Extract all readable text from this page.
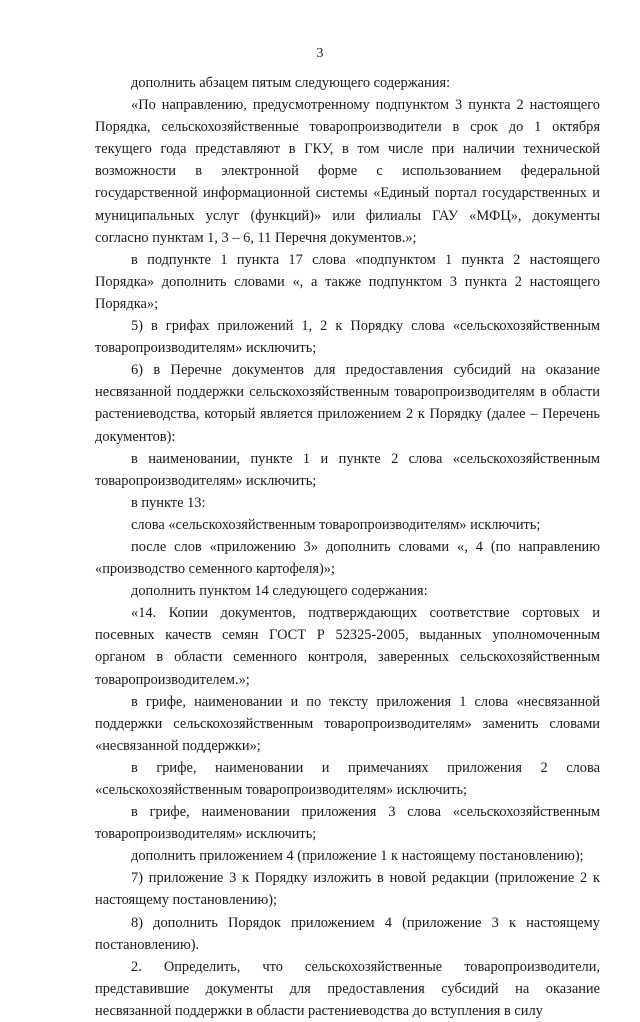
3

дополнить абзацем пятым следующего содержания:

«По направлению, предусмотренному подпунктом 3 пункта 2 настоящего Порядка, сельскохозяйственные товаропроизводители в срок до 1 октября текущего года представляют в ГКУ, в том числе при наличии технической возможности в электронной форме с использованием федеральной государственной информационной системы «Единый портал государственных и муниципальных услуг (функций)» или филиалы ГАУ «МФЦ», документы согласно пунктам 1, 3 – 6, 11 Перечня документов.»;

в подпункте 1 пункта 17 слова «подпунктом 1 пункта 2 настоящего Порядка» дополнить словами «, а также подпунктом 3 пункта 2 настоящего Порядка»;

5) в грифах приложений 1, 2 к Порядку слова «сельскохозяйственным товаропроизводителям» исключить;

6) в Перечне документов для предоставления субсидий на оказание несвязанной поддержки сельскохозяйственным товаропроизводителям в области растениеводства, который является приложением 2 к Порядку (далее – Перечень документов):

в наименовании, пункте 1 и пункте 2 слова «сельскохозяйственным товаропроизводителям» исключить;

в пункте 13:

слова «сельскохозяйственным товаропроизводителям» исключить;

после слов «приложению 3» дополнить словами «, 4 (по направлению «производство семенного картофеля)»;

дополнить пунктом 14 следующего содержания:

«14. Копии документов, подтверждающих соответствие сортовых и посевных качеств семян ГОСТ Р 52325-2005, выданных уполномоченным органом в области семенного контроля, заверенных сельскохозяйственным товаропроизводителем.»;

в грифе, наименовании и по тексту приложения 1 слова «несвязанной поддержки сельскохозяйственным товаропроизводителям» заменить словами «несвязанной поддержки»;

в грифе, наименовании и примечаниях приложения 2 слова «сельскохозяйственным товаропроизводителям» исключить;

в грифе, наименовании приложения 3 слова «сельскохозяйственным товаропроизводителям» исключить;

дополнить приложением 4 (приложение 1 к настоящему постановлению);

7) приложение 3 к Порядку изложить в новой редакции (приложение 2 к настоящему постановлению);

8) дополнить Порядок приложением 4 (приложение 3 к настоящему постановлению).

2. Определить, что сельскохозяйственные товаропроизводители, представившие документы для предоставления субсидий на оказание несвязанной поддержки в области растениеводства до вступления в силу
